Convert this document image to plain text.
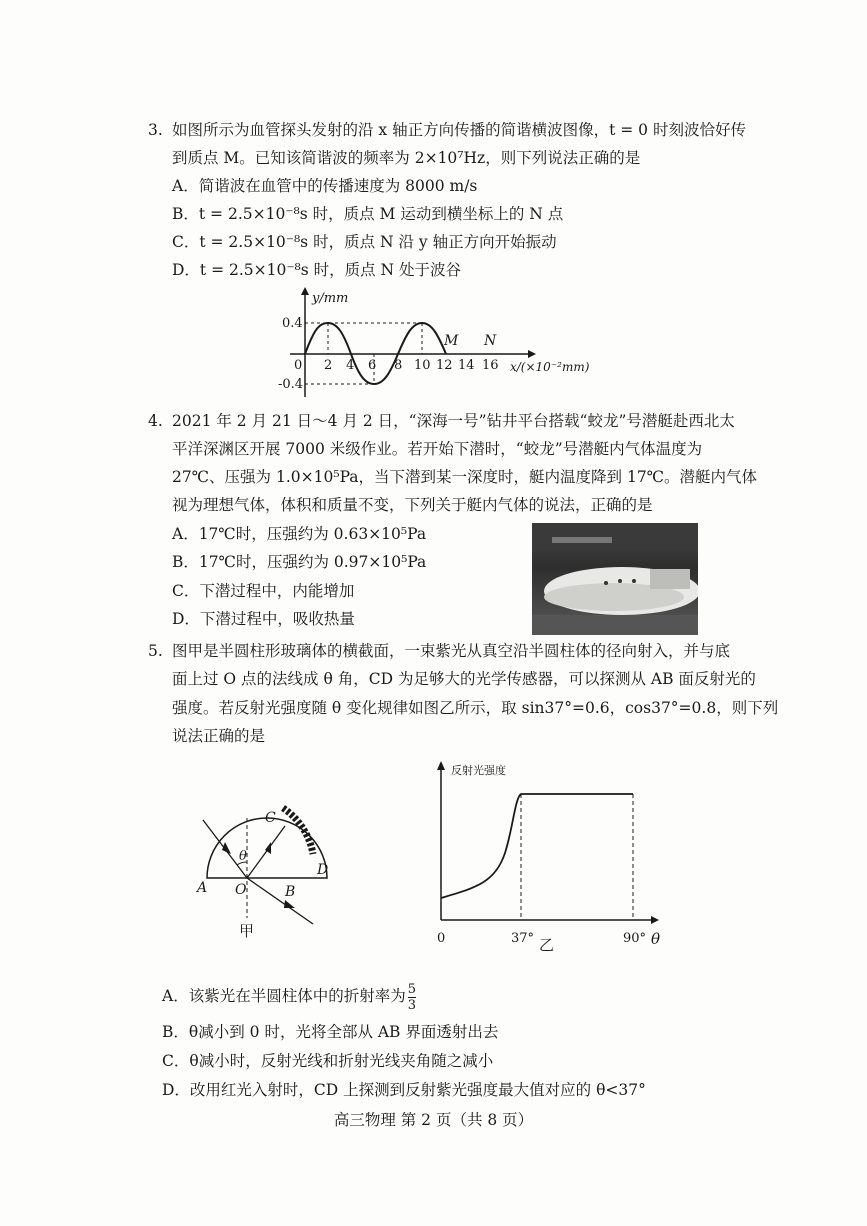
3. 如图所示为血管探头发射的沿 x 轴正方向传播的简谐横波图像，t = 0 时刻波恰好传
到质点 M。已知该简谐波的频率为 2×10⁷Hz，则下列说法正确的是
A．简谐波在血管中的传播速度为 8000 m/s
B．t = 2.5×10⁻⁸s 时，质点 M 运动到横坐标上的 N 点
C．t = 2.5×10⁻⁸s 时，质点 N 沿 y 轴正方向开始振动
D．t = 2.5×10⁻⁸s 时，质点 N 处于波谷
y/mm
0.4
-0.4
0 2 4 6 8 10 12 14 16
M N
x/(×10⁻²mm)
4. 2021 年 2 月 21 日～4 月 2 日，“深海一号”钻井平台搭载“蛟龙”号潜艇赴西北太
平洋深渊区开展 7000 米级作业。若开始下潜时，“蛟龙”号潜艇内气体温度为
27℃、压强为 1.0×10⁵Pa，当下潜到某一深度时，艇内温度降到 17℃。潜艇内气体
视为理想气体，体积和质量不变，下列关于艇内气体的说法，正确的是
A．17℃时，压强约为 0.63×10⁵Pa
B．17℃时，压强约为 0.97×10⁵Pa
C．下潜过程中，内能增加
D．下潜过程中，吸收热量
5. 图甲是半圆柱形玻璃体的横截面，一束紫光从真空沿半圆柱体的径向射入，并与底
面上过 O 点的法线成 θ 角，CD 为足够大的光学传感器，可以探测从 AB 面反射光的
强度。若反射光强度随 θ 变化规律如图乙所示，取 sin37°=0.6，cos37°=0.8，则下列
说法正确的是
θ
A O	B
C
D
甲
反射光强度
0	37° 乙	90° θ
A．该紫光在半圆柱体中的折射率为 $\frac{5}{3}$
B．θ减小到 0 时，光将全部从 AB 界面透射出去
C．θ减小时，反射光线和折射光线夹角随之减小
D．改用红光入射时，CD 上探测到反射紫光强度最大值对应的 θ<37°
高三物理 第 2 页（共 8 页）
